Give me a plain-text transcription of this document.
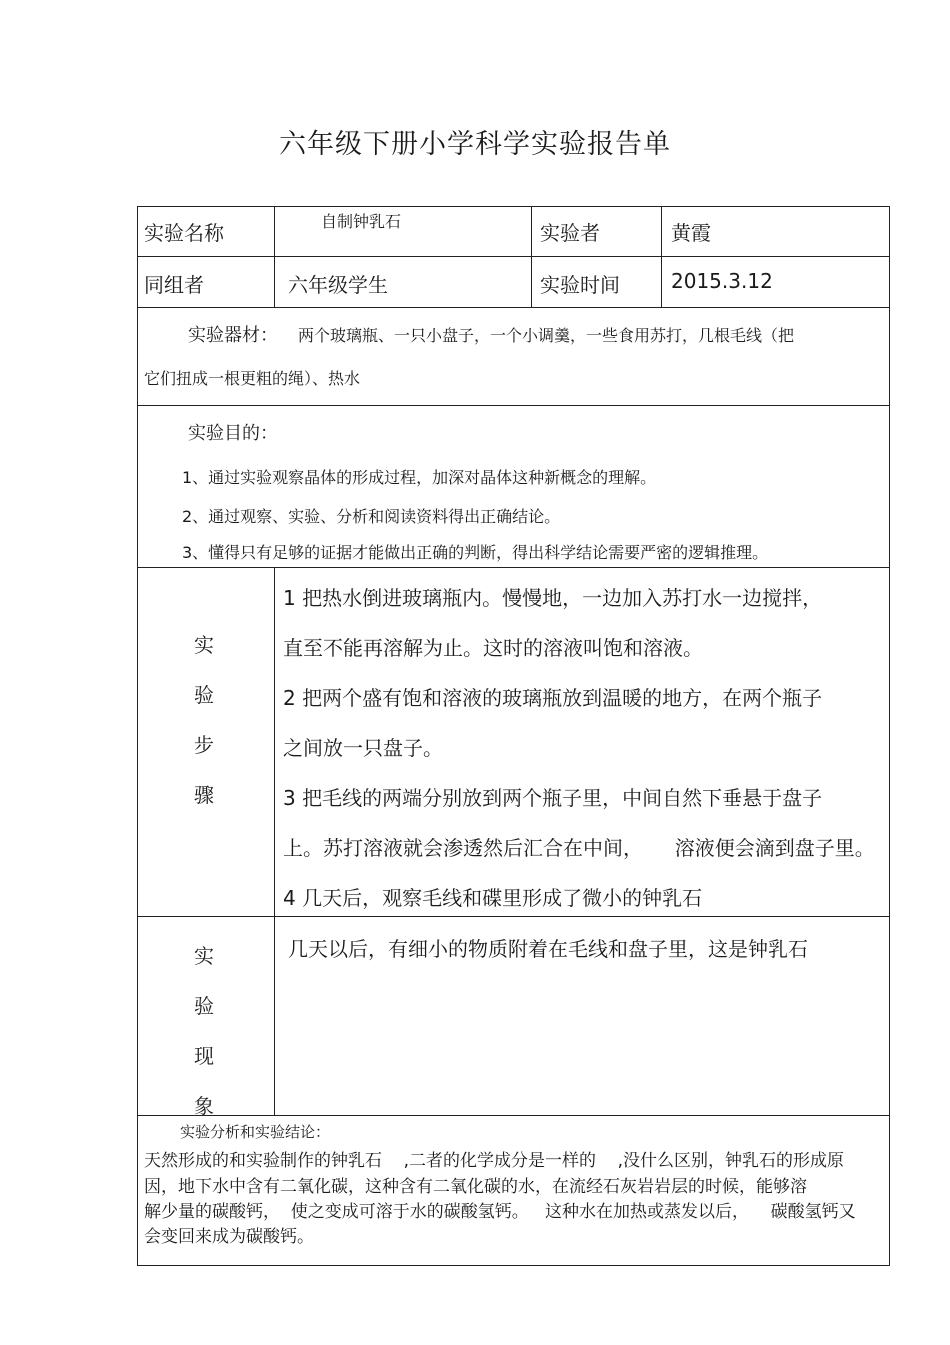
六年级下册小学科学实验报告单
实验名称	自制钟乳石	实验者	黄霞
同组者	六年级学生	实验时间	2015.3.12
实验器材： 两个玻璃瓶、一只小盘子，一个小调羹，一些食用苏打，几根毛线（把
它们扭成一根更粗的绳）、热水
实验目的：
1、通过实验观察晶体的形成过程，加深对晶体这种新概念的理解。
2、通过观察、实验、分析和阅读资料得出正确结论。
3、懂得只有足够的证据才能做出正确的判断，得出科学结论需要严密的逻辑推理。
实
验
步
骤
1 把热水倒进玻璃瓶内。慢慢地，一边加入苏打水一边搅拌，
直至不能再溶解为止。这时的溶液叫饱和溶液。
2 把两个盛有饱和溶液的玻璃瓶放到温暖的地方，在两个瓶子
之间放一只盘子。
3 把毛线的两端分别放到两个瓶子里，中间自然下垂悬于盘子
上。苏打溶液就会渗透然后汇合在中间，     溶液便会滴到盘子里。
4 几天后，观察毛线和碟里形成了微小的钟乳石
实
验
现
象
几天以后，有细小的物质附着在毛线和盘子里，这是钟乳石
实验分析和实验结论：
天然形成的和实验制作的钟乳石    ,二者的化学成分是一样的    ,没什么区别，钟乳石的形成原
因，地下水中含有二氧化碳，这种含有二氧化碳的水，在流经石灰岩岩层的时候，能够溶
解少量的碳酸钙，  使之变成可溶于水的碳酸氢钙。   这种水在加热或蒸发以后，    碳酸氢钙又
会变回来成为碳酸钙。
